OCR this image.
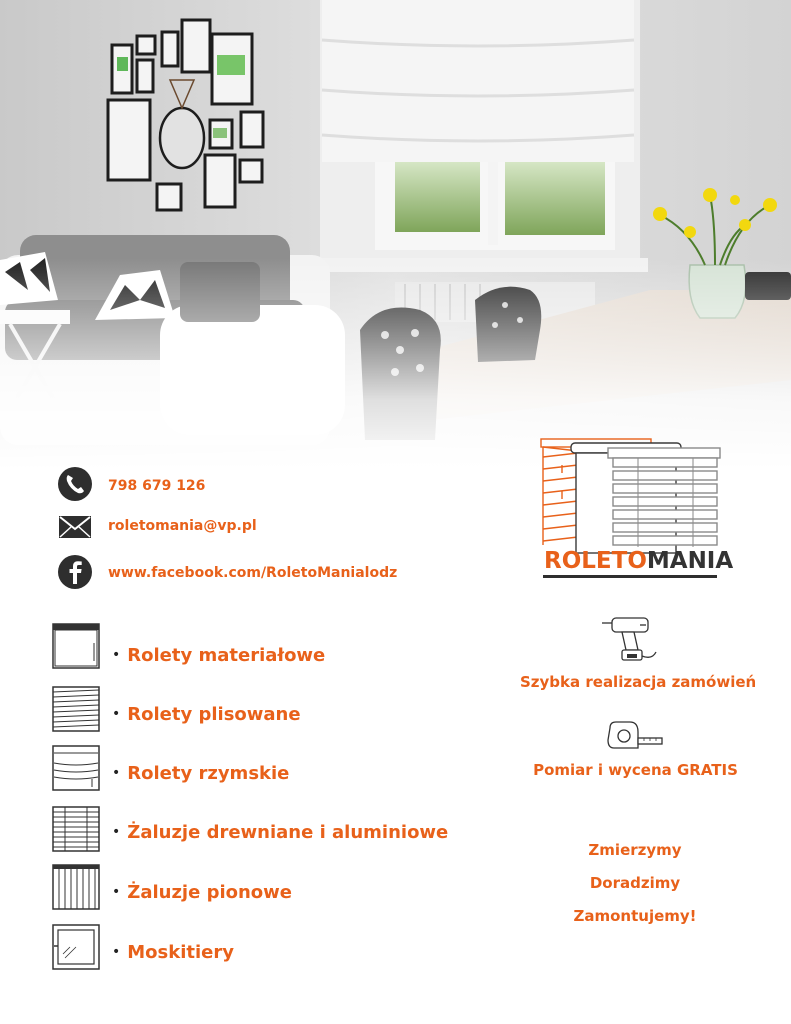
798 679 126
roletomania@vp.pl
www.facebook.com/RoletoManialodz	ROLETOMANIA
• Rolety materiałowe
• Rolety plisowane
• Rolety rzymskie
• Żaluzje drewniane i aluminiowe
• Żaluzje pionowe
• Moskitiery
Szybka realizacja zamówień
Pomiar i wycena GRATIS
Zmierzymy
Doradzimy
Zamontujemy!
